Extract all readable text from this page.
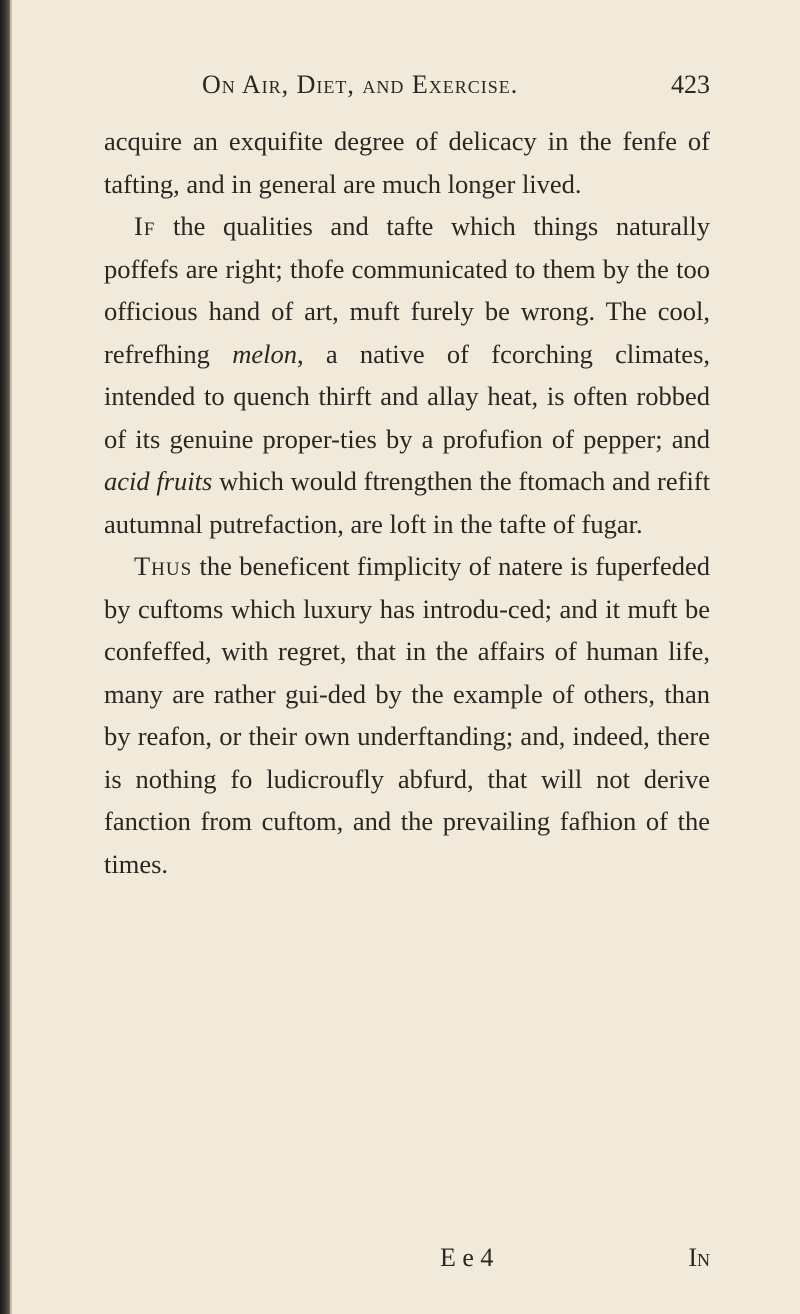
On Air, Diet, and Exercise.	423

acquire an exquifite degree of delicacy in the fenfe of tafting, and in general are much longer lived.

If the qualities and tafte which things naturally poffefs are right; thofe communicated to them by the too officious hand of art, muft furely be wrong. The cool, refrefhing melon, a native of fcorching climates, intended to quench thirft and allay heat, is often robbed of its genuine proper-ties by a profufion of pepper; and acid fruits which would ftrengthen the ftomach and refift autumnal putrefaction, are loft in the tafte of fugar.

Thus the beneficent fimplicity of natere is fuperfeded by cuftoms which luxury has introdu-ced; and it muft be confeffed, with regret, that in the affairs of human life, many are rather gui-ded by the example of others, than by reafon, or their own underftanding; and, indeed, there is nothing fo ludicroufly abfurd, that will not derive fanction from cuftom, and the prevailing fafhion of the times.

E e 4	In
